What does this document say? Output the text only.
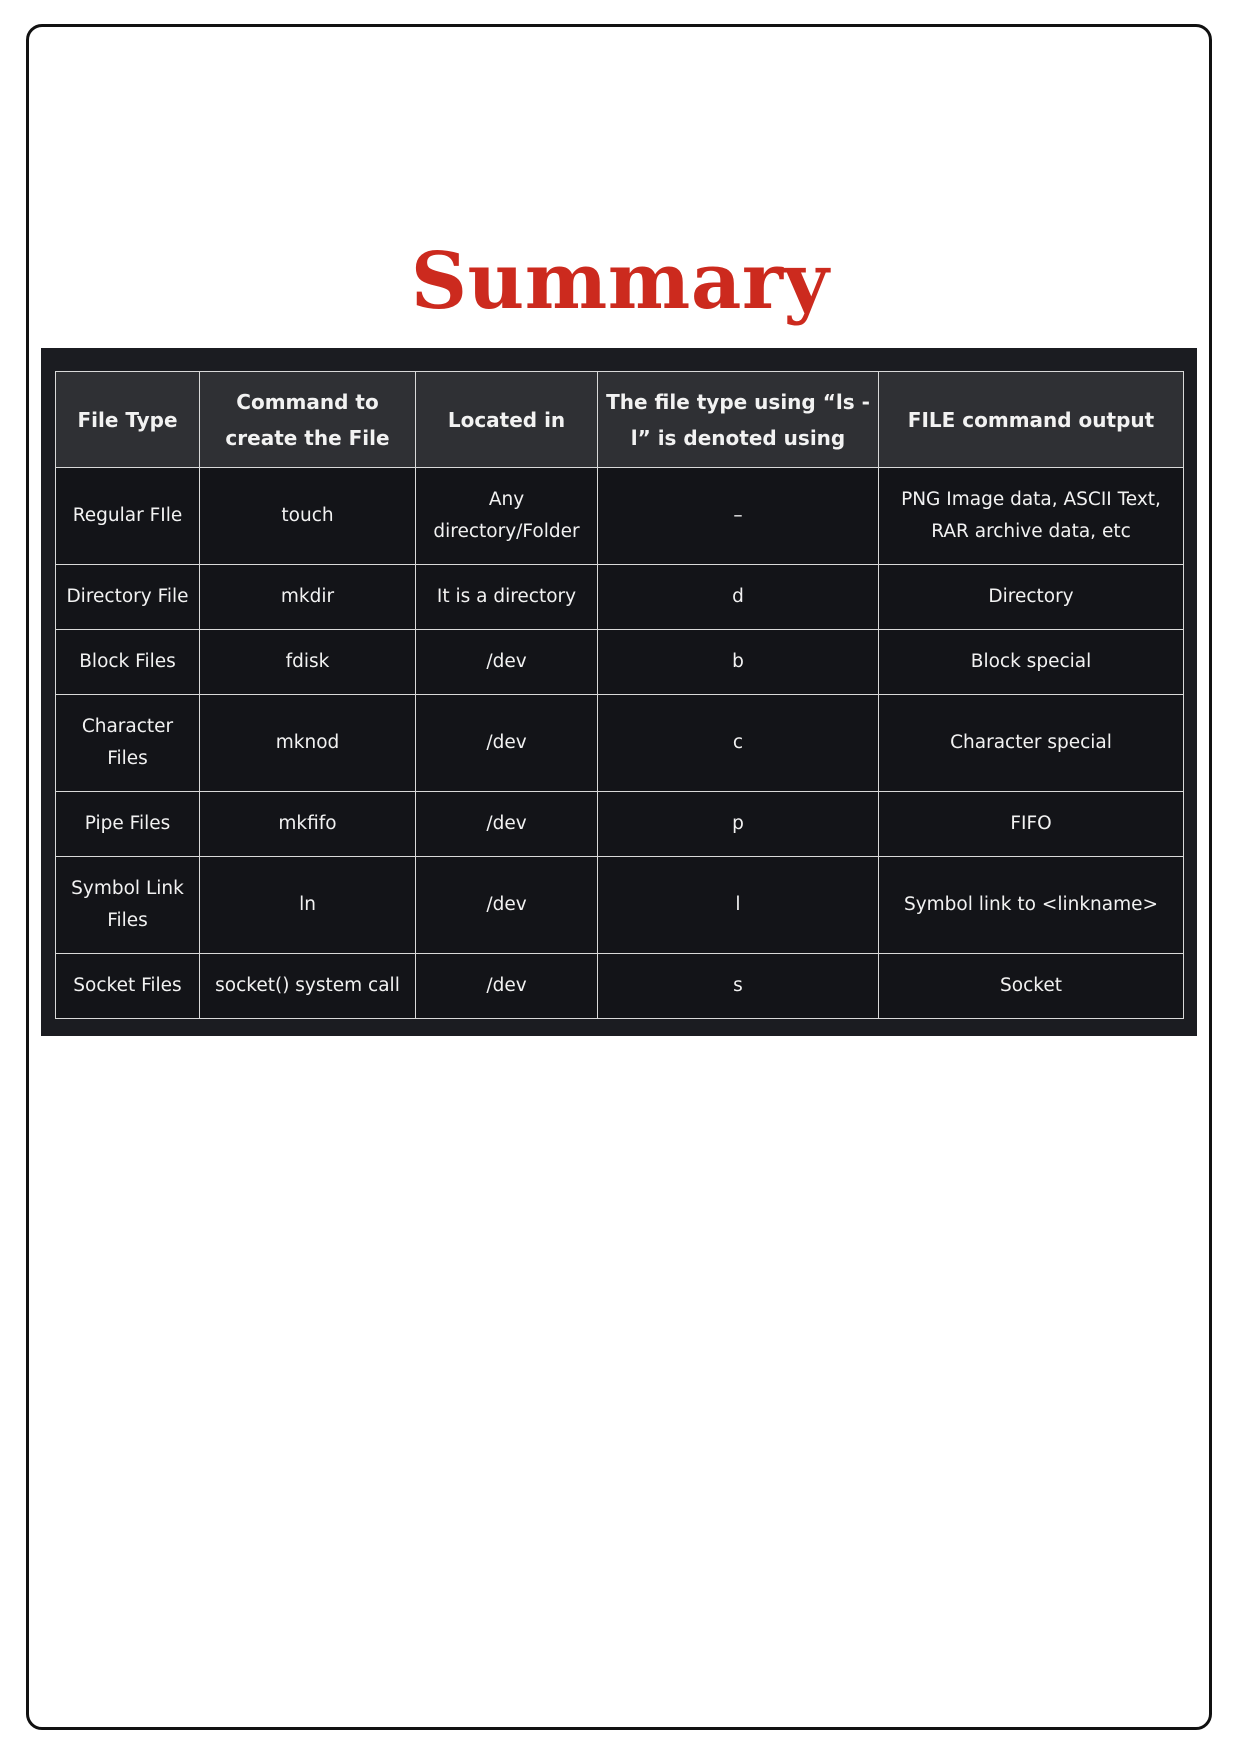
Summary
File Type	Command to create the File	Located in	The file type using “ls -l” is denoted using	FILE command output
Regular FIle	touch	Any directory/Folder	–	PNG Image data, ASCII Text, RAR archive data, etc
Directory File	mkdir	It is a directory	d	Directory
Block Files	fdisk	/dev	b	Block special
Character Files	mknod	/dev	c	Character special
Pipe Files	mkfifo	/dev	p	FIFO
Symbol Link Files	ln	/dev	l	Symbol link to <linkname>
Socket Files	socket() system call	/dev	s	Socket
